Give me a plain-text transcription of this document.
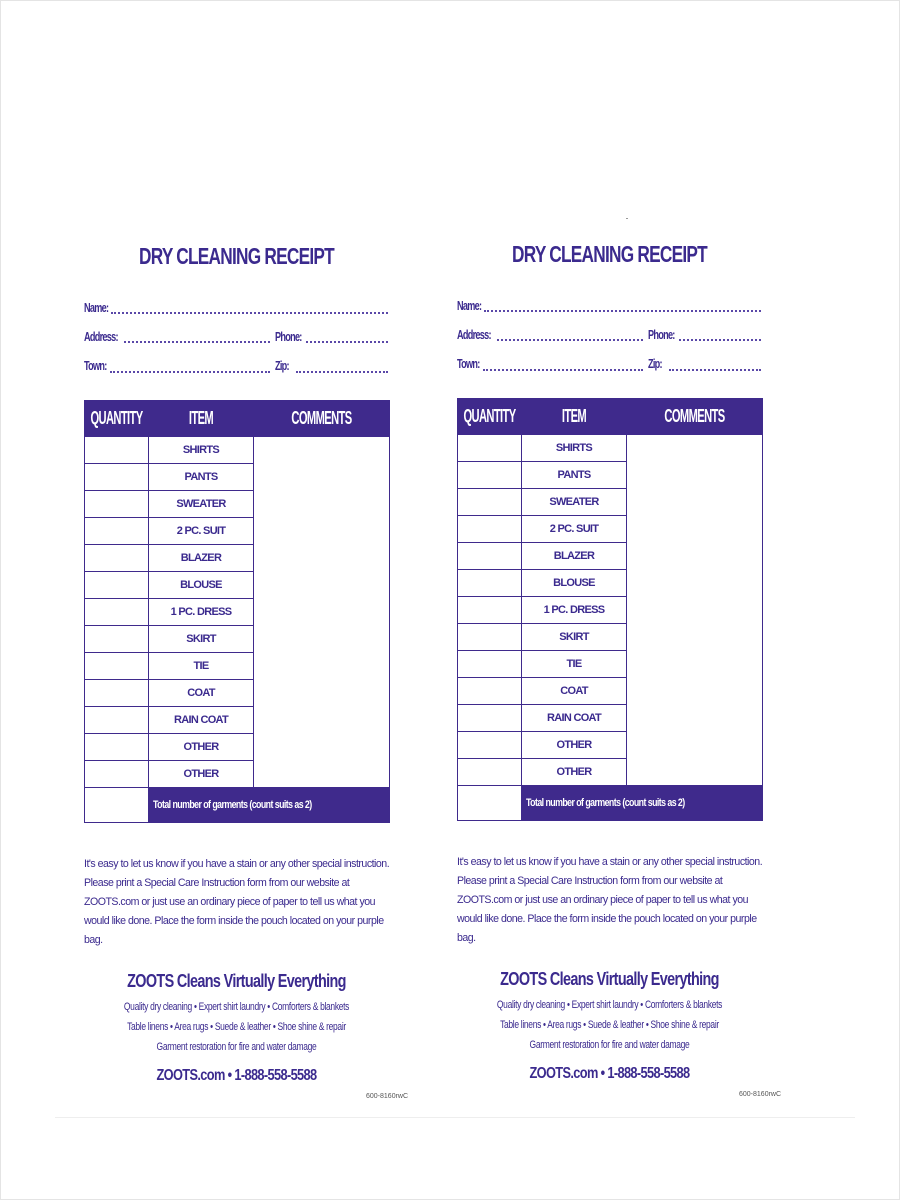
DRY CLEANING RECEIPT
Name:
Address:	Phone:
Town:	Zip:
QUANTITY	ITEM	COMMENTS

	SHIRTS	
	PANTS	
	SWEATER	
	2 PC. SUIT	
	BLAZER	
	BLOUSE	
	1 PC. DRESS	
	SKIRT	
	TIE	
	COAT	
	RAIN COAT	
	OTHER	
	OTHER	
	Total number of garments (count suits as 2)	
It's easy to let us know if you have a stain or any other special instruction. Please print a Special Care Instruction form from our website at ZOOTS.com or just use an ordinary piece of paper to tell us what you would like done. Place the form inside the pouch located on your purple bag.
ZOOTS Cleans Virtually Everything
Quality dry cleaning • Expert shirt laundry • Comforters & blankets
Table linens • Area rugs • Suede & leather • Shoe shine & repair
Garment restoration for fire and water damage
ZOOTS.com • 1-888-558-5588
600-8160rwC
DRY CLEANING RECEIPT
Name:
Address:	Phone:
Town:	Zip:
QUANTITY	ITEM	COMMENTS

	SHIRTS	
	PANTS	
	SWEATER	
	2 PC. SUIT	
	BLAZER	
	BLOUSE	
	1 PC. DRESS	
	SKIRT	
	TIE	
	COAT	
	RAIN COAT	
	OTHER	
	OTHER	
	Total number of garments (count suits as 2)	
It's easy to let us know if you have a stain or any other special instruction. Please print a Special Care Instruction form from our website at ZOOTS.com or just use an ordinary piece of paper to tell us what you would like done. Place the form inside the pouch located on your purple bag.
ZOOTS Cleans Virtually Everything
Quality dry cleaning • Expert shirt laundry • Comforters & blankets
Table linens • Area rugs • Suede & leather • Shoe shine & repair
Garment restoration for fire and water damage
ZOOTS.com • 1-888-558-5588
600-8160rwC
